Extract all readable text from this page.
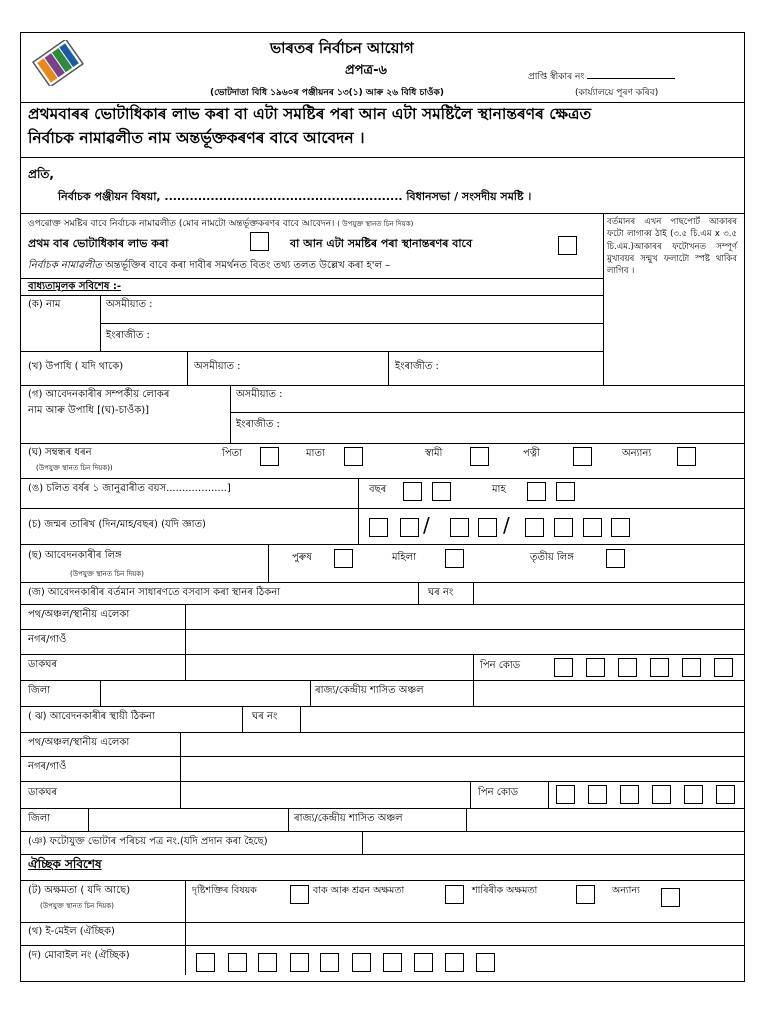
ভাৰতৰ নিৰ্বাচন আয়োগ
প্ৰপত্ৰ-৬	প্ৰাপ্তি স্বীকাৰ নং
(ভোটদাতা বিধি ১৯৬০ৰ পঞ্জীয়নৰ ১৩(১) আৰু ২৬ বিধি চাওঁক)	(কাৰ্য্যালয়ে পূৰণ কৰিব)
প্ৰথমবাৰৰ ভোটাধিকাৰ লাভ কৰা বা এটা সমষ্টিৰ পৰা আন এটা সমষ্টিলৈ স্থানান্তৰণৰ ক্ষেত্ৰত
নিৰ্বাচক নামাৱলীত নাম অন্তৰ্ভূক্তকৰণৰ বাবে আবেদন ।
প্ৰতি,
নিৰ্বাচক পঞ্জীয়ন বিষয়া, ......................................................... বিধানসভা / সংসদীয় সমষ্টি ।
ওপৰোক্ত সমষ্টিৰ বাবে নিৰ্বাচক নামাৱলীত (মোৰ নামটো অন্তৰ্ভূক্তকৰণৰ বাবে আবেদন। ( উপযুক্ত স্থানত চিন দিয়ক)
প্ৰথম বাৰ ভোটাধিকাৰ লাভ কৰা	বা আন এটা সমষ্টিৰ পৰা স্থানান্তৰণৰ বাবে
নিৰ্বাচক নামাৱলীত অন্তৰ্ভূক্তিৰ বাবে কৰা দাবীৰ সমৰ্থনত বিতং তথ্য তলত উল্লেখ কৰা হ'ল –
বৰ্তমানৰ এখন পাছপোর্ট আকাৰৰ ফটো লাগাব্ব ঠাই (৩.৫ চি.এম x ৩.৫ চি.এম.)আকাৰৰ ফটোখনত সম্পূৰ্ণ মুখাবয়ৰ সন্মুখ ফলাটো স্পষ্ট থাকিব লাগিব ।
বাধ্যতামূলক সবিশেষ :-
(ক) নাম	অসমীয়াত :
ইংৰাজীত :
(খ) উপাধি ( যদি থাকে)	অসমীয়াত :	ইংৰাজীত :
(গ) আবেদনকাৰীৰ সম্পৰ্কীয় লোকৰ
নাম আৰু উপাধি [(ঘ)-চাওঁক)]
অসমীয়াত :
ইংৰাজীত :
(ঘ) সম্বন্ধৰ ধৰন
(উপযুক্ত স্থানত চিন দিয়ক))
পিতা	মাতা	স্বামী	পত্নী	অন্যান্য
(ঙ) চলিত বৰ্ষৰ ১ জানুৱাৰীত বয়স..........…......]	বছৰ	মাহ
(চ) জন্মৰ তাৰিখ (দিন/মাহ/বছৰ) (যদি জ্ঞাত)	/	/
(ছ) আবেদনকাৰীৰ লিঙ্গ
(উপযুক্ত স্থানত চিন দিয়ক)
পুৰুষ	মহিলা	তৃতীয় লিঙ্গ
(জ) আবেদনকাৰীৰ বৰ্তমান সাধাৰণতে বসবাস কৰা স্থানৰ ঠিকনা	ঘৰ নং
পথ/অঞ্চল/স্থানীয় এলেকা
নগৰ/গাওঁ
ডাকঘৰ	পিন কোড
জিলা	ৰাজ্য/কেন্দ্ৰীয় শাসিত অঞ্চল
( ঝ) আবেদনকাৰীৰ স্থায়ী ঠিকনা	ঘৰ নং
পথ/অঞ্চল/স্থানীয় এলেকা
নগৰ/গাওঁ
ডাকঘৰ	পিন কোড
জিলা	ৰাজ্য/কেন্দ্ৰীয় শাসিত অঞ্চল
(ঞ) ফটোযুক্ত ভোটাৰ পৰিচয় পত্ৰ নং.(যদি প্ৰদান কৰা হৈছে)
ঐচ্ছিক সবিশেষ
(ট) অক্ষমতা ( যদি আছে)
(উপযুক্ত স্থানত চিন দিয়ক)
দৃষ্টিশক্তিৰ বিষয়ক	বাক আৰু শ্ৰৱন অক্ষমতা	শাৰিৰীক অক্ষমতা	অন্যান্য
(থ) ই-মেইল (ঐচ্ছিক)
(দ) মোবাইল নং (ঐচ্ছিক)
